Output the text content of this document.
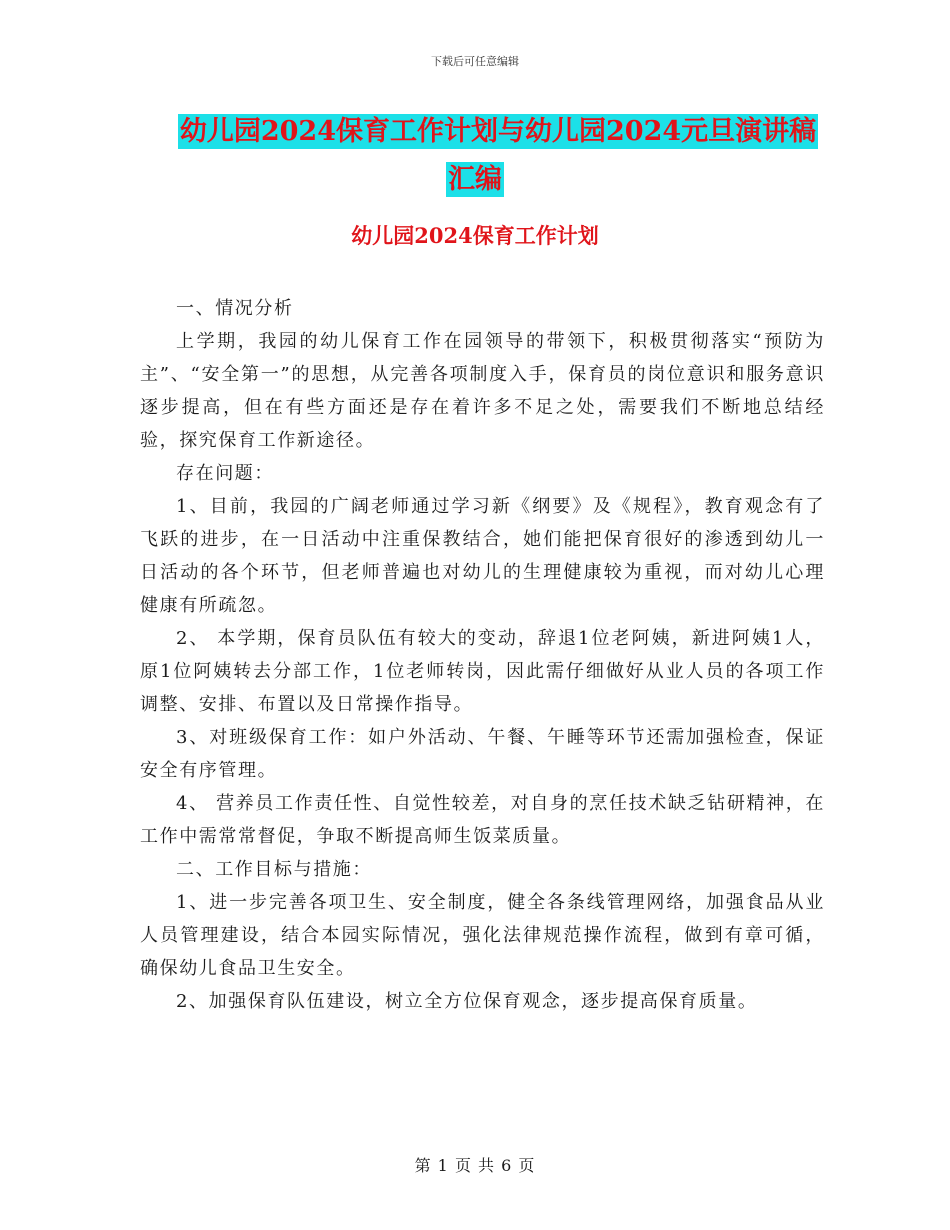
下载后可任意编辑
幼儿园2024保育工作计划与幼儿园2024元旦演讲稿
汇编
幼儿园2024保育工作计划

一、情况分析

上学期，我园的幼儿保育工作在园领导的带领下，积极贯彻落实“预防为主”、“安全第一”的思想，从完善各项制度入手，保育员的岗位意识和服务意识逐步提高，但在有些方面还是存在着许多不足之处，需要我们不断地总结经验，探究保育工作新途径。

存在问题：

1、目前，我园的广阔老师通过学习新《纲要》及《规程》，教育观念有了飞跃的进步，在一日活动中注重保教结合，她们能把保育很好的渗透到幼儿一日活动的各个环节，但老师普遍也对幼儿的生理健康较为重视，而对幼儿心理健康有所疏忽。

2、 本学期，保育员队伍有较大的变动，辞退1位老阿姨，新进阿姨1人，原1位阿姨转去分部工作，1位老师转岗，因此需仔细做好从业人员的各项工作调整、安排、布置以及日常操作指导。

3、对班级保育工作：如户外活动、午餐、午睡等环节还需加强检查，保证安全有序管理。

4、 营养员工作责任性、自觉性较差，对自身的烹任技术缺乏钻研精神，在工作中需常常督促，争取不断提高师生饭菜质量。

二、工作目标与措施：

1、进一步完善各项卫生、安全制度，健全各条线管理网络，加强食品从业人员管理建设，结合本园实际情况，强化法律规范操作流程，做到有章可循，确保幼儿食品卫生安全。

2、加强保育队伍建设，树立全方位保育观念，逐步提高保育质量。

第 1 页 共 6 页
